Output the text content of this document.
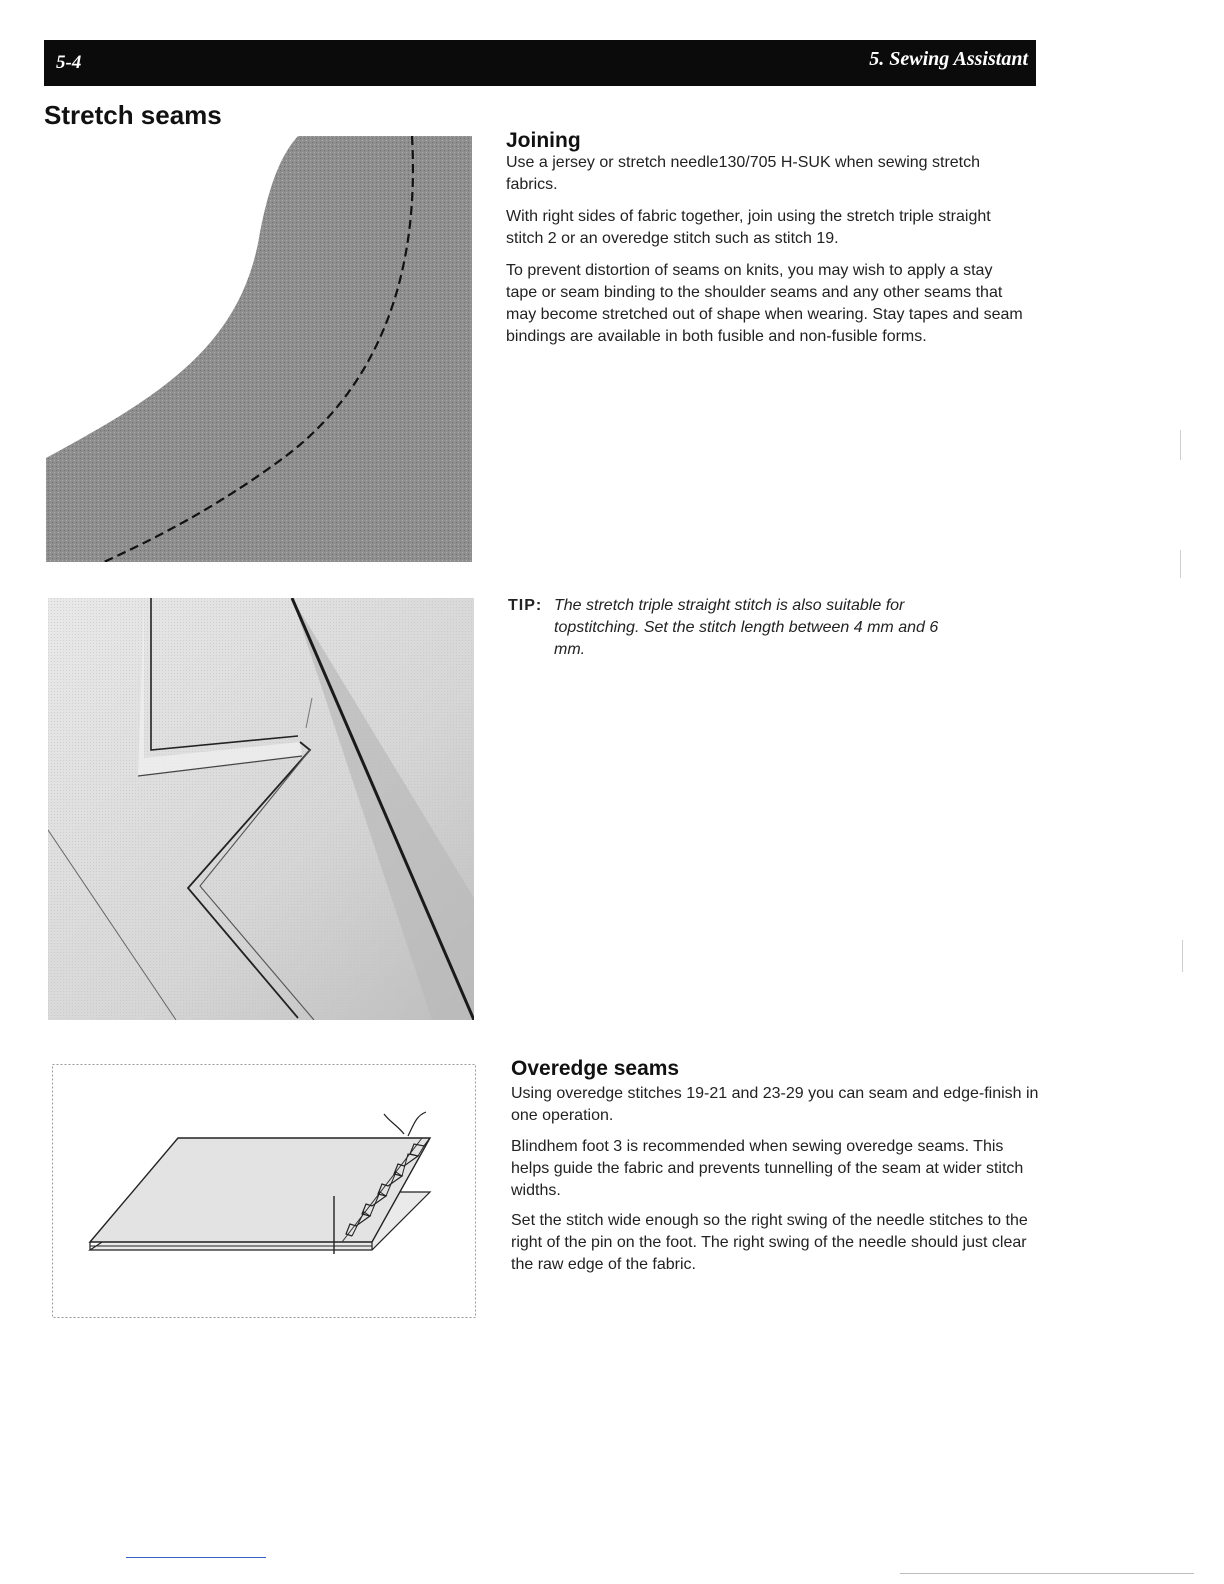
5-4	5. Sewing Assistant
Stretch seams
Joining

Use a jersey or stretch needle130/705 H-SUK when sewing stretch fabrics.

With right sides of fabric together, join using the stretch triple straight stitch 2 or an overedge stitch such as stitch 19.

To prevent distortion of seams on knits, you may wish to apply a stay tape or seam binding to the shoulder seams and any other seams that may become stretched out of shape when wearing. Stay tapes and seam bindings are available in both fusible and non-fusible forms.

TIP: The stretch triple straight stitch is also suitable for topstitching. Set the stitch length between 4 mm and 6 mm.

Overedge seams

Using overedge stitches 19-21 and 23-29 you can seam and edge-finish in one operation.

Blindhem foot 3 is recommended when sewing overedge seams. This helps guide the fabric and prevents tunnelling of the seam at wider stitch widths.

Set the stitch wide enough so the right swing of the needle stitches to the right of the pin on the foot. The right swing of the needle should just clear the raw edge of the fabric.
